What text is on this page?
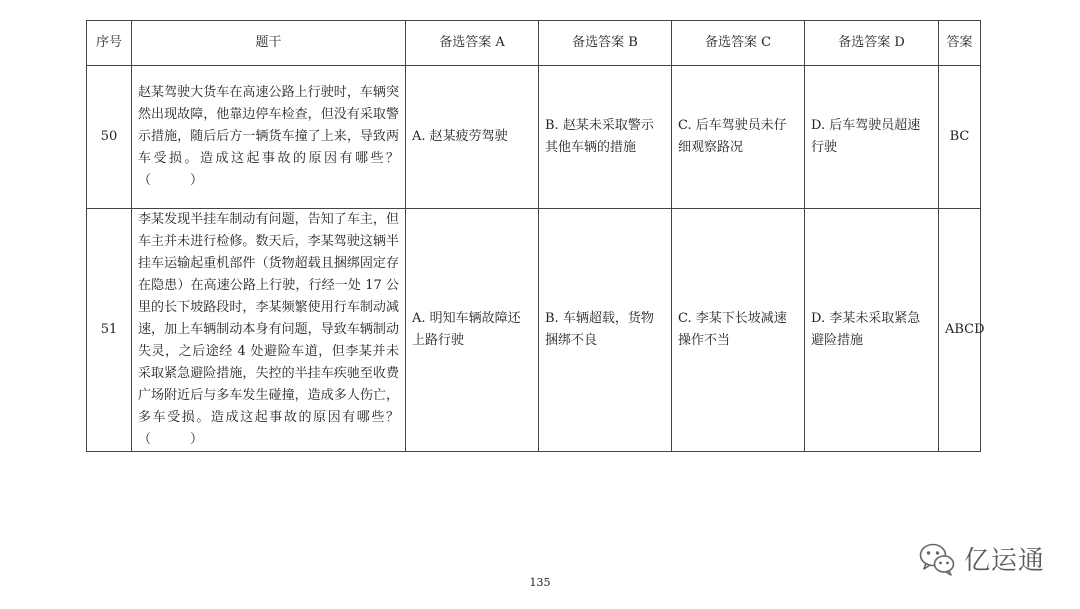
序号	题干	备选答案 A	备选答案 B	备选答案 C	备选答案 D	答案
50	赵某驾驶大货车在高速公路上行驶时，车辆突然出现故障，他靠边停车检查，但没有采取警示措施，随后后方一辆货车撞了上来，导致两车受损。造成这起事故的原因有哪些？（　　　）	A. 赵某疲劳驾驶	B. 赵某未采取警示其他车辆的措施	C. 后车驾驶员未仔细观察路况	D. 后车驾驶员超速行驶	BC
51	李某发现半挂车制动有问题，告知了车主，但车主并未进行检修。数天后，李某驾驶这辆半挂车运输起重机部件（货物超载且捆绑固定存在隐患）在高速公路上行驶，行经一处 17 公里的长下坡路段时，李某频繁使用行车制动减速，加上车辆制动本身有问题，导致车辆制动失灵，之后途经 4 处避险车道，但李某并未采取紧急避险措施，失控的半挂车疾驰至收费广场附近后与多车发生碰撞，造成多人伤亡，多车受损。造成这起事故的原因有哪些？（　　　）	A. 明知车辆故障还上路行驶	B. 车辆超载，货物捆绑不良	C. 李某下长坡减速操作不当	D. 李某未采取紧急避险措施	ABCD
135
亿运通
